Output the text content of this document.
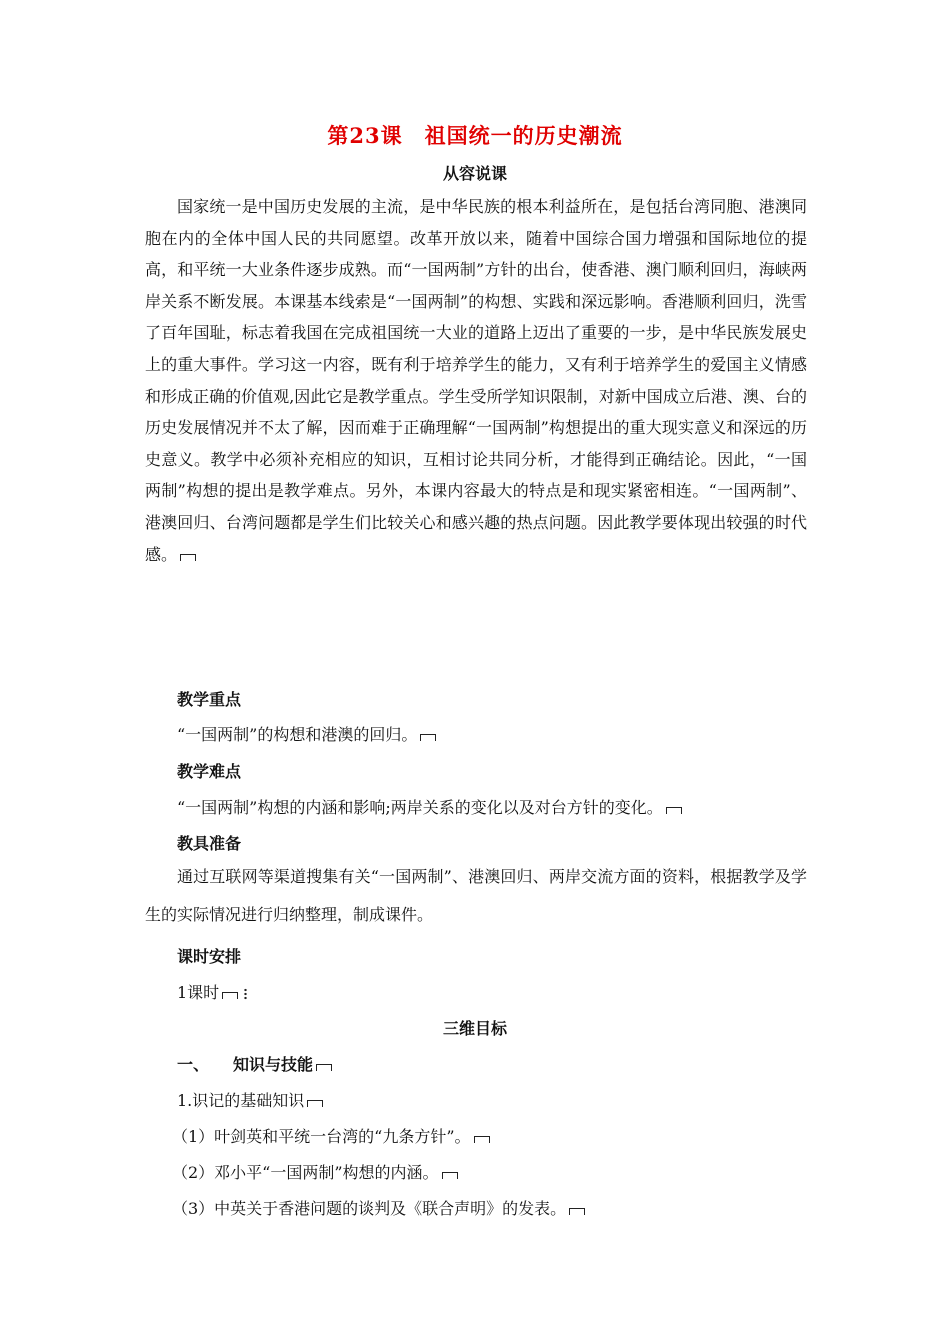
第23课　祖国统一的历史潮流
从容说课

国家统一是中国历史发展的主流，是中华民族的根本利益所在，是包括台湾同胞、港澳同胞在内的全体中国人民的共同愿望。改革开放以来，随着中国综合国力增强和国际地位的提高，和平统一大业条件逐步成熟。而“一国两制”方针的出台，使香港、澳门顺利回归，海峡两岸关系不断发展。本课基本线索是“一国两制”的构想、实践和深远影响。香港顺利回归，洗雪了百年国耻，标志着我国在完成祖国统一大业的道路上迈出了重要的一步，是中华民族发展史上的重大事件。学习这一内容，既有利于培养学生的能力，又有利于培养学生的爱国主义情感和形成正确的价值观,因此它是教学重点。学生受所学知识限制，对新中国成立后港、澳、台的历史发展情况并不太了解，因而难于正确理解“一国两制”构想提出的重大现实意义和深远的历史意义。教学中必须补充相应的知识，互相讨论共同分析，才能得到正确结论。因此，“一国两制”构想的提出是教学难点。另外，本课内容最大的特点是和现实紧密相连。“一国两制”、港澳回归、台湾问题都是学生们比较关心和感兴趣的热点问题。因此教学要体现出较强的时代感。

教学重点
“一国两制”的构想和港澳的回归。
教学难点
“一国两制”构想的内涵和影响;两岸关系的变化以及对台方针的变化。
教具准备

通过互联网等渠道搜集有关“一国两制”、港澳回归、两岸交流方面的资料，根据教学及学生的实际情况进行归纳整理，制成课件。

课时安排
1课时
三维目标
一、 知识与技能
1.识记的基础知识
（1）叶剑英和平统一台湾的“九条方针”。
（2）邓小平“一国两制”构想的内涵。
（3）中英关于香港问题的谈判及《联合声明》的发表。
